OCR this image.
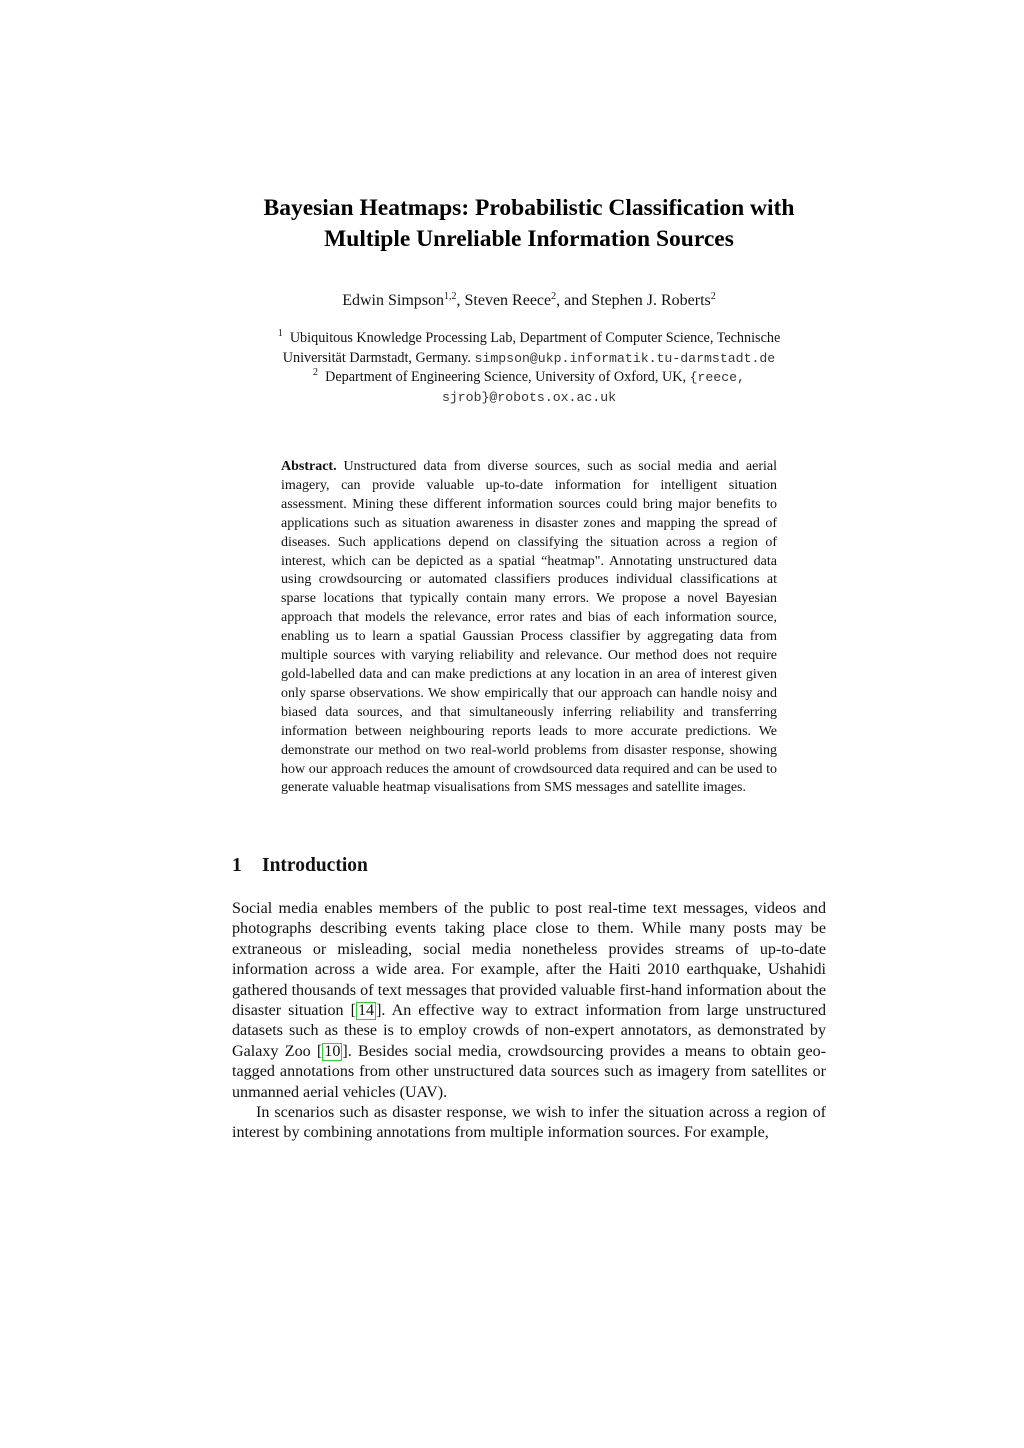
Bayesian Heatmaps: Probabilistic Classification with
Multiple Unreliable Information Sources
Edwin Simpson$^{1,2}$, Steven Reece$^2$, and Stephen J. Roberts$^2$
$^1$ Ubiquitous Knowledge Processing Lab, Department of Computer Science, Technische
Universität Darmstadt, Germany. simpson@ukp.informatik.tu-darmstadt.de
$^2$ Department of Engineering Science, University of Oxford, UK, {reece,
sjrob}@robots.ox.ac.uk
Abstract. Unstructured data from diverse sources, such as social media and aerial imagery, can provide valuable up-to-date information for intelligent situation assessment. Mining these different information sources could bring major benefits to applications such as situation awareness in disaster zones and mapping the spread of diseases. Such applications depend on classifying the situation across a region of interest, which can be depicted as a spatial “heatmap". Annotating unstructured data using crowdsourcing or automated classifiers produces individual classifications at sparse locations that typically contain many errors. We propose a novel Bayesian approach that models the relevance, error rates and bias of each information source, enabling us to learn a spatial Gaussian Process classifier by aggregating data from multiple sources with varying reliability and relevance. Our method does not require gold-labelled data and can make predictions at any location in an area of interest given only sparse observations. We show empirically that our approach can handle noisy and biased data sources, and that simultaneously inferring reliability and transferring information between neighbouring reports leads to more accurate predictions. We demonstrate our method on two real-world problems from disaster response, showing how our approach reduces the amount of crowdsourced data required and can be used to generate valuable heatmap visualisations from SMS messages and satellite images.
1 Introduction

Social media enables members of the public to post real-time text messages, videos and photographs describing events taking place close to them. While many posts may be extraneous or misleading, social media nonetheless provides streams of up-to-date information across a wide area. For example, after the Haiti 2010 earthquake, Ushahidi gathered thousands of text messages that provided valuable first-hand information about the disaster situation [ 14 ]. An effective way to extract information from large unstructured datasets such as these is to employ crowds of non-expert annotators, as demonstrated by Galaxy Zoo [ 10 ]. Besides social media, crowdsourcing provides a means to obtain geo-tagged annotations from other unstructured data sources such as imagery from satellites or unmanned aerial vehicles (UAV).

In scenarios such as disaster response, we wish to infer the situation across a region of interest by combining annotations from multiple information sources. For example,
